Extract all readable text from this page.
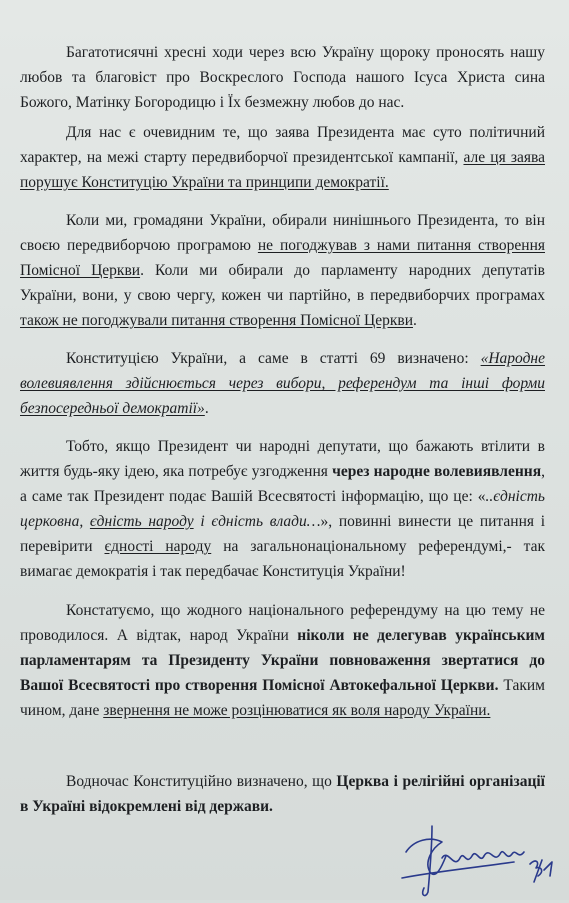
Багатотисячні хресні ходи через всю Україну щороку проносять нашу любов та благовіст про Воскреслого Господа нашого Ісуса Христа сина Божого, Матінку Богородицю і Їх безмежну любов до нас.

Для нас є очевидним те, що заява Президента має суто політичний характер, на межі старту передвиборчої президентської кампанії, але ця заява порушує Конституцію України та принципи демократії.

Коли ми, громадяни України, обирали нинішнього Президента, то він своєю передвиборчою програмою не погоджував з нами питання створення Помісної Церкви. Коли ми обирали до парламенту народних депутатів України, вони, у свою чергу, кожен чи партійно, в передвиборчих програмах також не погоджували питання створення Помісної Церкви.

Конституцією України, а саме в статті 69 визначено: «Народне волевиявлення здійснюється через вибори, референдум та інші форми безпосередньої демократії».

Тобто, якщо Президент чи народні депутати, що бажають втілити в життя будь-яку ідею, яка потребує узгодження через народне волевиявлення, а саме так Президент подає Вашій Всесвятості інформацію, що це: «..єдність церковна, єдність народу і єдність влади…», повинні винести це питання і перевірити єдності народу на загальнонаціональному референдумі,- так вимагає демократія і так передбачає Конституція України!

Констатуємо, що жодного національного референдуму на цю тему не проводилося. А відтак, народ України ніколи не делегував українським парламентарям та Президенту України повноваження звертатися до Вашої Всесвятості про створення Помісної Автокефальної Церкви. Таким чином, дане звернення не може розцінюватися як воля народу України.

Водночас Конституційно визначено, що Церква і релігійні організації в Україні відокремлені від держави.
